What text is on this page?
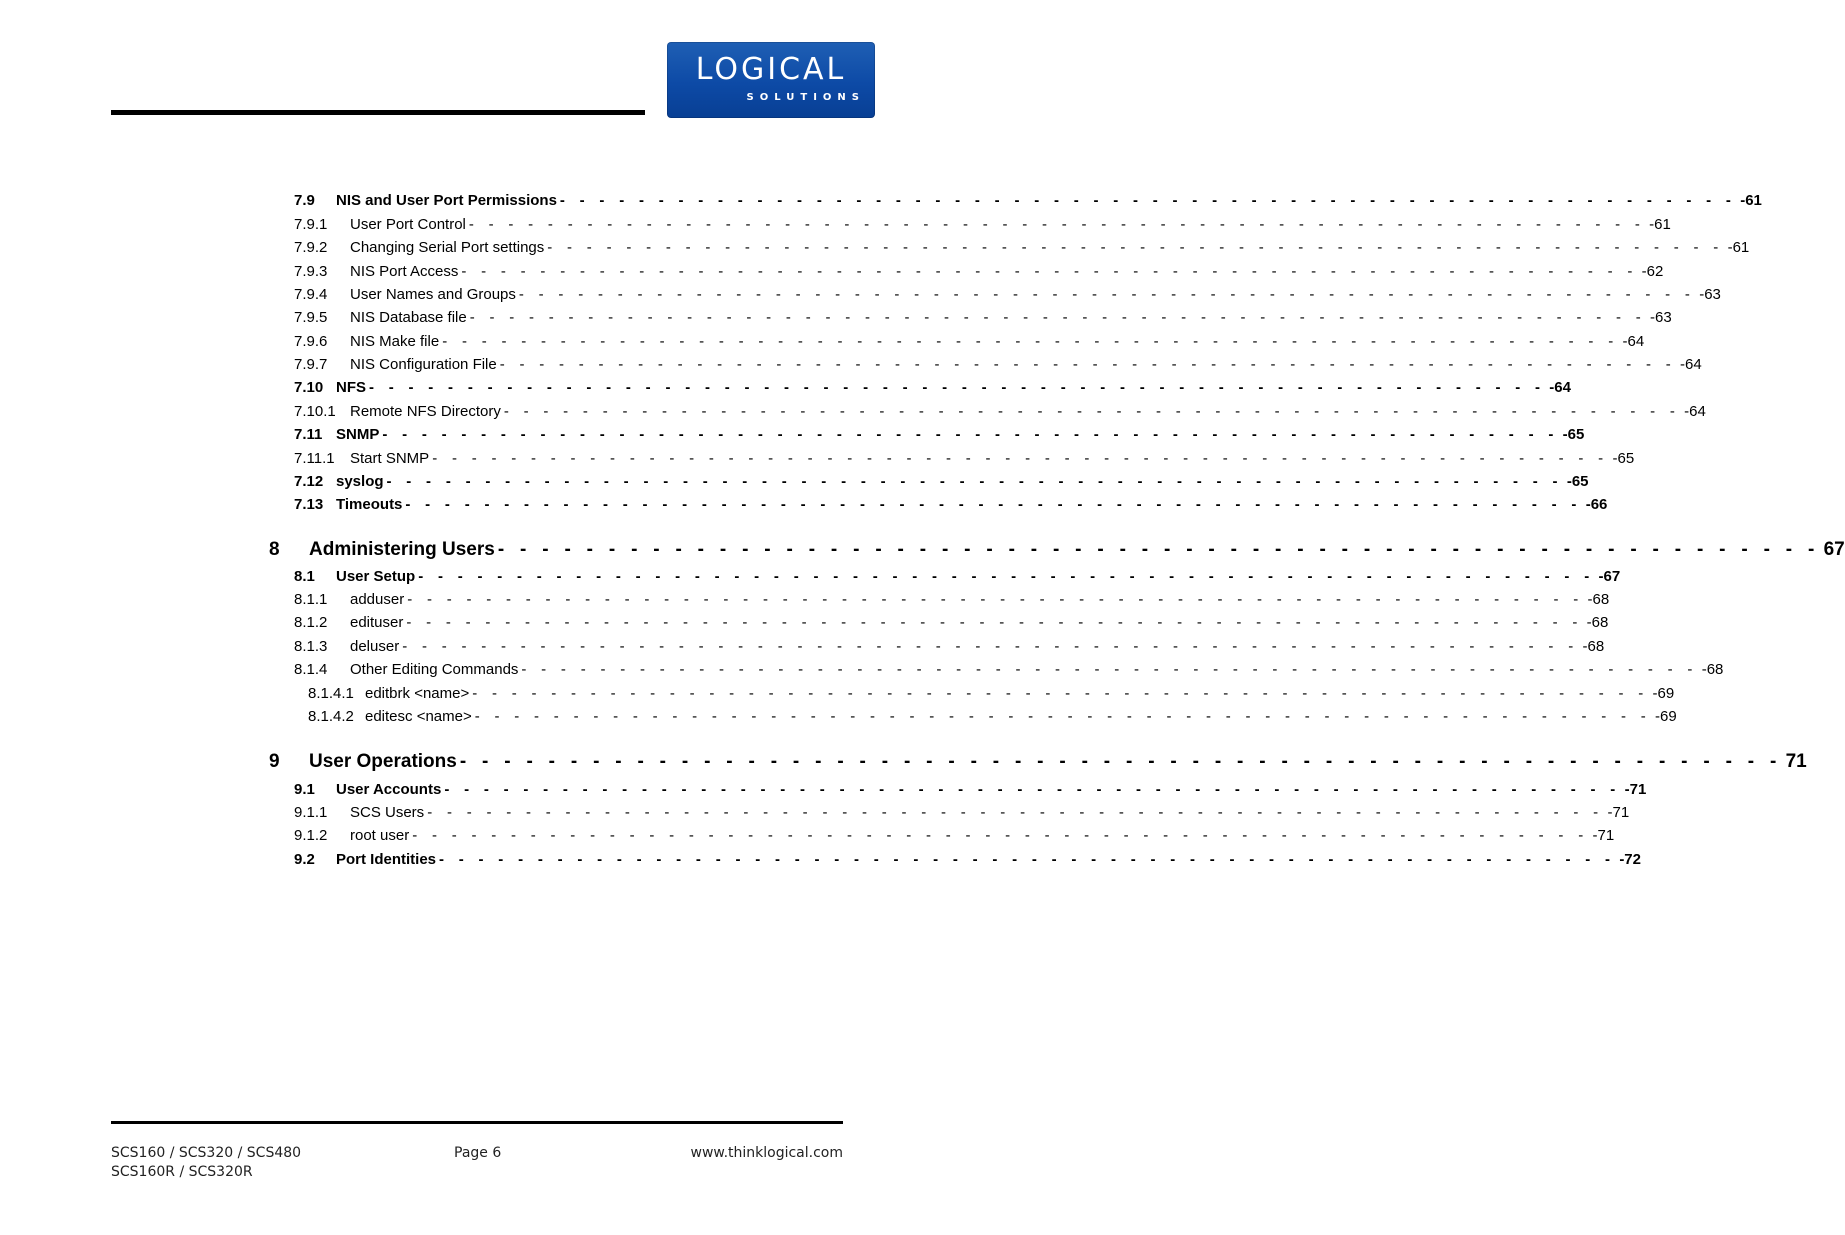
LOGICAL
SOLUTIONS
7.9	NIS and User Port Permissions - - - - - - - - - - - - - - - - - - - - - - - - - - - - - - - - - - - - - - - - - - - - - - - - - - - - - - - - - - - - -61
7.9.1	User Port Control - - - - - - - - - - - - - - - - - - - - - - - - - - - - - - - - - - - - - - - - - - - - - - - - - - - - - - - - - - - - -61
7.9.2	Changing Serial Port settings - - - - - - - - - - - - - - - - - - - - - - - - - - - - - - - - - - - - - - - - - - - - - - - - - - - - - - - - - - - - -61
7.9.3	NIS Port Access - - - - - - - - - - - - - - - - - - - - - - - - - - - - - - - - - - - - - - - - - - - - - - - - - - - - - - - - - - - - -62
7.9.4	User Names and Groups - - - - - - - - - - - - - - - - - - - - - - - - - - - - - - - - - - - - - - - - - - - - - - - - - - - - - - - - - - - - -63
7.9.5	NIS Database file - - - - - - - - - - - - - - - - - - - - - - - - - - - - - - - - - - - - - - - - - - - - - - - - - - - - - - - - - - - - -63
7.9.6	NIS Make file - - - - - - - - - - - - - - - - - - - - - - - - - - - - - - - - - - - - - - - - - - - - - - - - - - - - - - - - - - - - -64
7.9.7	NIS Configuration File - - - - - - - - - - - - - - - - - - - - - - - - - - - - - - - - - - - - - - - - - - - - - - - - - - - - - - - - - - - - -64
7.10 NFS - - - - - - - - - - - - - - - - - - - - - - - - - - - - - - - - - - - - - - - - - - - - - - - - - - - - - - - - - - - - -64
7.10.1 Remote NFS Directory - - - - - - - - - - - - - - - - - - - - - - - - - - - - - - - - - - - - - - - - - - - - - - - - - - - - - - - - - - - - -64
7.11 SNMP - - - - - - - - - - - - - - - - - - - - - - - - - - - - - - - - - - - - - - - - - - - - - - - - - - - - - - - - - - - - -65
7.11.1	Start SNMP - - - - - - - - - - - - - - - - - - - - - - - - - - - - - - - - - - - - - - - - - - - - - - - - - - - - - - - - - - - - -65
7.12 syslog - - - - - - - - - - - - - - - - - - - - - - - - - - - - - - - - - - - - - - - - - - - - - - - - - - - - - - - - - - - - -65
7.13 Timeouts - - - - - - - - - - - - - - - - - - - - - - - - - - - - - - - - - - - - - - - - - - - - - - - - - - - - - - - - - - - - -66
8	Administering Users - - - - - - - - - - - - - - - - - - - - - - - - - - - - - - - - - - - - - - - - - - - - - - - - - - - - - - - - - - - - 67
8.1	User Setup - - - - - - - - - - - - - - - - - - - - - - - - - - - - - - - - - - - - - - - - - - - - - - - - - - - - - - - - - - - - -67
8.1.1	adduser - - - - - - - - - - - - - - - - - - - - - - - - - - - - - - - - - - - - - - - - - - - - - - - - - - - - - - - - - - - - -68
8.1.2	edituser - - - - - - - - - - - - - - - - - - - - - - - - - - - - - - - - - - - - - - - - - - - - - - - - - - - - - - - - - - - - -68
8.1.3	deluser - - - - - - - - - - - - - - - - - - - - - - - - - - - - - - - - - - - - - - - - - - - - - - - - - - - - - - - - - - - - -68
8.1.4	Other Editing Commands - - - - - - - - - - - - - - - - - - - - - - - - - - - - - - - - - - - - - - - - - - - - - - - - - - - - - - - - - - - - -68
8.1.4.1 editbrk <name> - - - - - - - - - - - - - - - - - - - - - - - - - - - - - - - - - - - - - - - - - - - - - - - - - - - - - - - - - - - - -69
8.1.4.2 editesc <name> - - - - - - - - - - - - - - - - - - - - - - - - - - - - - - - - - - - - - - - - - - - - - - - - - - - - - - - - - - - - -69
9	User Operations - - - - - - - - - - - - - - - - - - - - - - - - - - - - - - - - - - - - - - - - - - - - - - - - - - - - - - - - - - - - 71
9.1	User Accounts - - - - - - - - - - - - - - - - - - - - - - - - - - - - - - - - - - - - - - - - - - - - - - - - - - - - - - - - - - - - -71
9.1.1	SCS Users - - - - - - - - - - - - - - - - - - - - - - - - - - - - - - - - - - - - - - - - - - - - - - - - - - - - - - - - - - - - -71
9.1.2	root user - - - - - - - - - - - - - - - - - - - - - - - - - - - - - - - - - - - - - - - - - - - - - - - - - - - - - - - - - - - - -71
9.2	Port Identities - - - - - - - - - - - - - - - - - - - - - - - - - - - - - - - - - - - - - - - - - - - - - - - - - - - - - - - - - - - - -72
SCS160 / SCS320 / SCS480
SCS160R / SCS320R
Page 6	www.thinklogical.com
